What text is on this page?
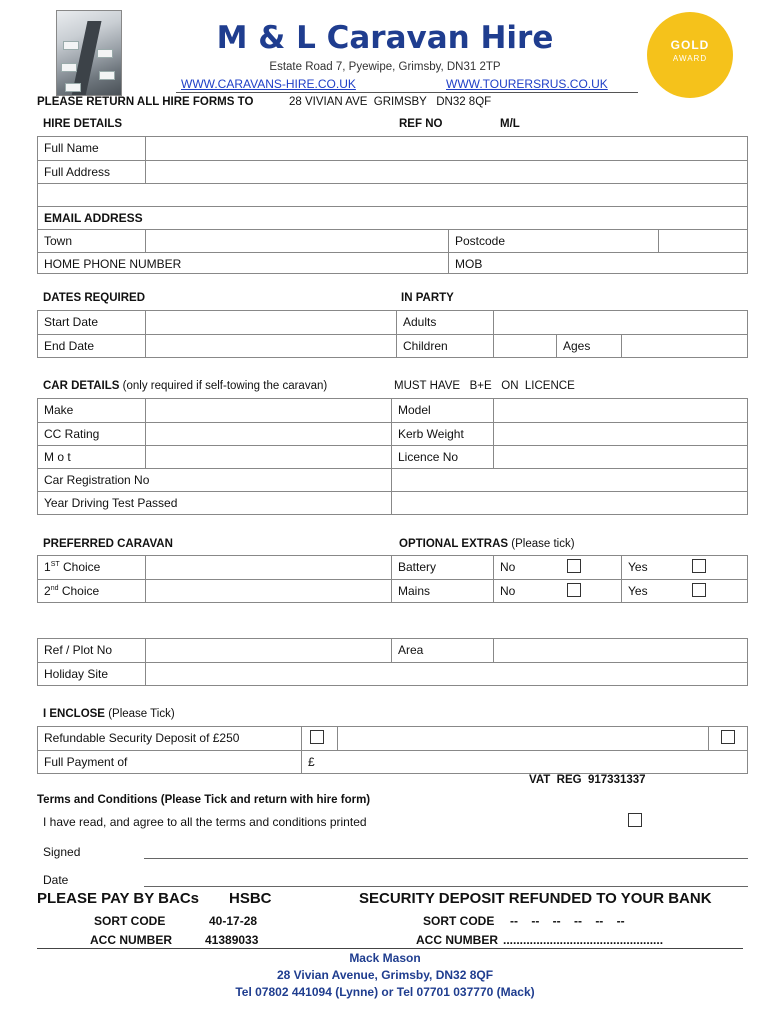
M & L Caravan Hire
Estate Road 7, Pyewipe, Grimsby, DN31 2TP
WWW.CARAVANS-HIRE.CO.UK	WWW.TOURERSRUS.CO.UK
GOLD
AWARD
PLEASE RETURN ALL HIRE FORMS TO	28 VIVIAN AVE  GRIMSBY   DN32 8QF
HIRE DETAILS	REF NO	M/L
Full Name
Full Address
EMAIL ADDRESS
Town	Postcode
HOME PHONE NUMBER	MOB
DATES REQUIRED	IN PARTY
Start Date	Adults
End Date	Children	Ages
CAR DETAILS (only required if self-towing the caravan)	MUST HAVE   B+E   ON  LICENCE
Make	Model
CC Rating	Kerb Weight
M o t	Licence No
Car Registration No
Year Driving Test Passed
PREFERRED CARAVAN	OPTIONAL EXTRAS (Please tick)
1ST Choice	Battery	No	Yes
2nd Choice	Mains	No	Yes
Ref / Plot No	Area
Holiday Site
I ENCLOSE (Please Tick)
Refundable Security Deposit of £250
Full Payment of	£
VAT  REG  917331337
Terms and Conditions (Please Tick and return with hire form)
I have read, and agree to all the terms and conditions printed
Signed
Date
PLEASE PAY BY BACs HSBC	SECURITY DEPOSIT REFUNDED TO YOUR BANK
SORT CODE	40-17-28	SORT CODE --    --    --    --    --    --
ACC NUMBER	41389033	ACC NUMBER ................................................
Mack Mason
28 Vivian Avenue, Grimsby, DN32 8QF
Tel 07802 441094 (Lynne) or Tel 07701 037770 (Mack)
